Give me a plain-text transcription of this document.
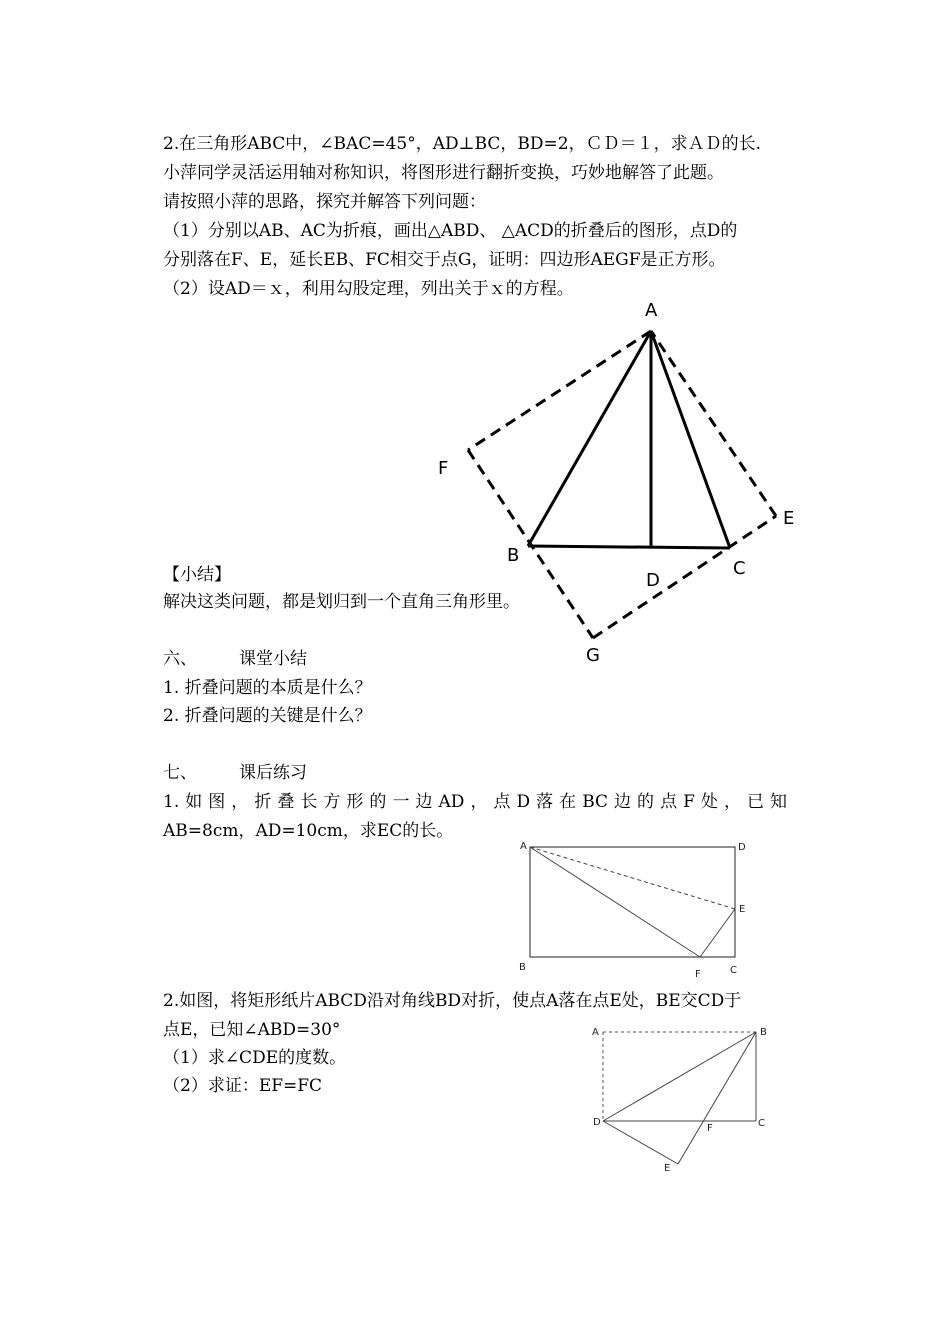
2.在三角形ABC中，∠BAC=45°，AD⊥BC，BD=2，ＣＤ＝１，求ＡＤ的长.
小萍同学灵活运用轴对称知识，将图形进行翻折变换，巧妙地解答了此题。
请按照小萍的思路，探究并解答下列问题：
（1）分别以AB、AC为折痕，画出△ABD、 △ACD的折叠后的图形，点D的
分别落在F、E，延长EB、FC相交于点G，证明：四边形AEGF是正方形。
（2）设AD＝ｘ，利用勾股定理，列出关于ｘ的方程。
【小结】
解决这类问题，都是划归到一个直角三角形里。
六、 课堂小结
1. 折叠问题的本质是什么？
2. 折叠问题的关键是什么？
七、 课后练习
1.如图，折叠长方形的一边AD，点D落在BC边的点F处，已知
AB=8cm，AD=10cm，求EC的长。
2.如图，将矩形纸片ABCD沿对角线BD对折，使点A落在点E处，BE交CD于
点E，已知∠ABD=30°
（1）求∠CDE的度数。
（2）求证：EF=FC
A
F
E
B
C
D
G
A	D
E
B
F	C
A	B
D
F	C
E
